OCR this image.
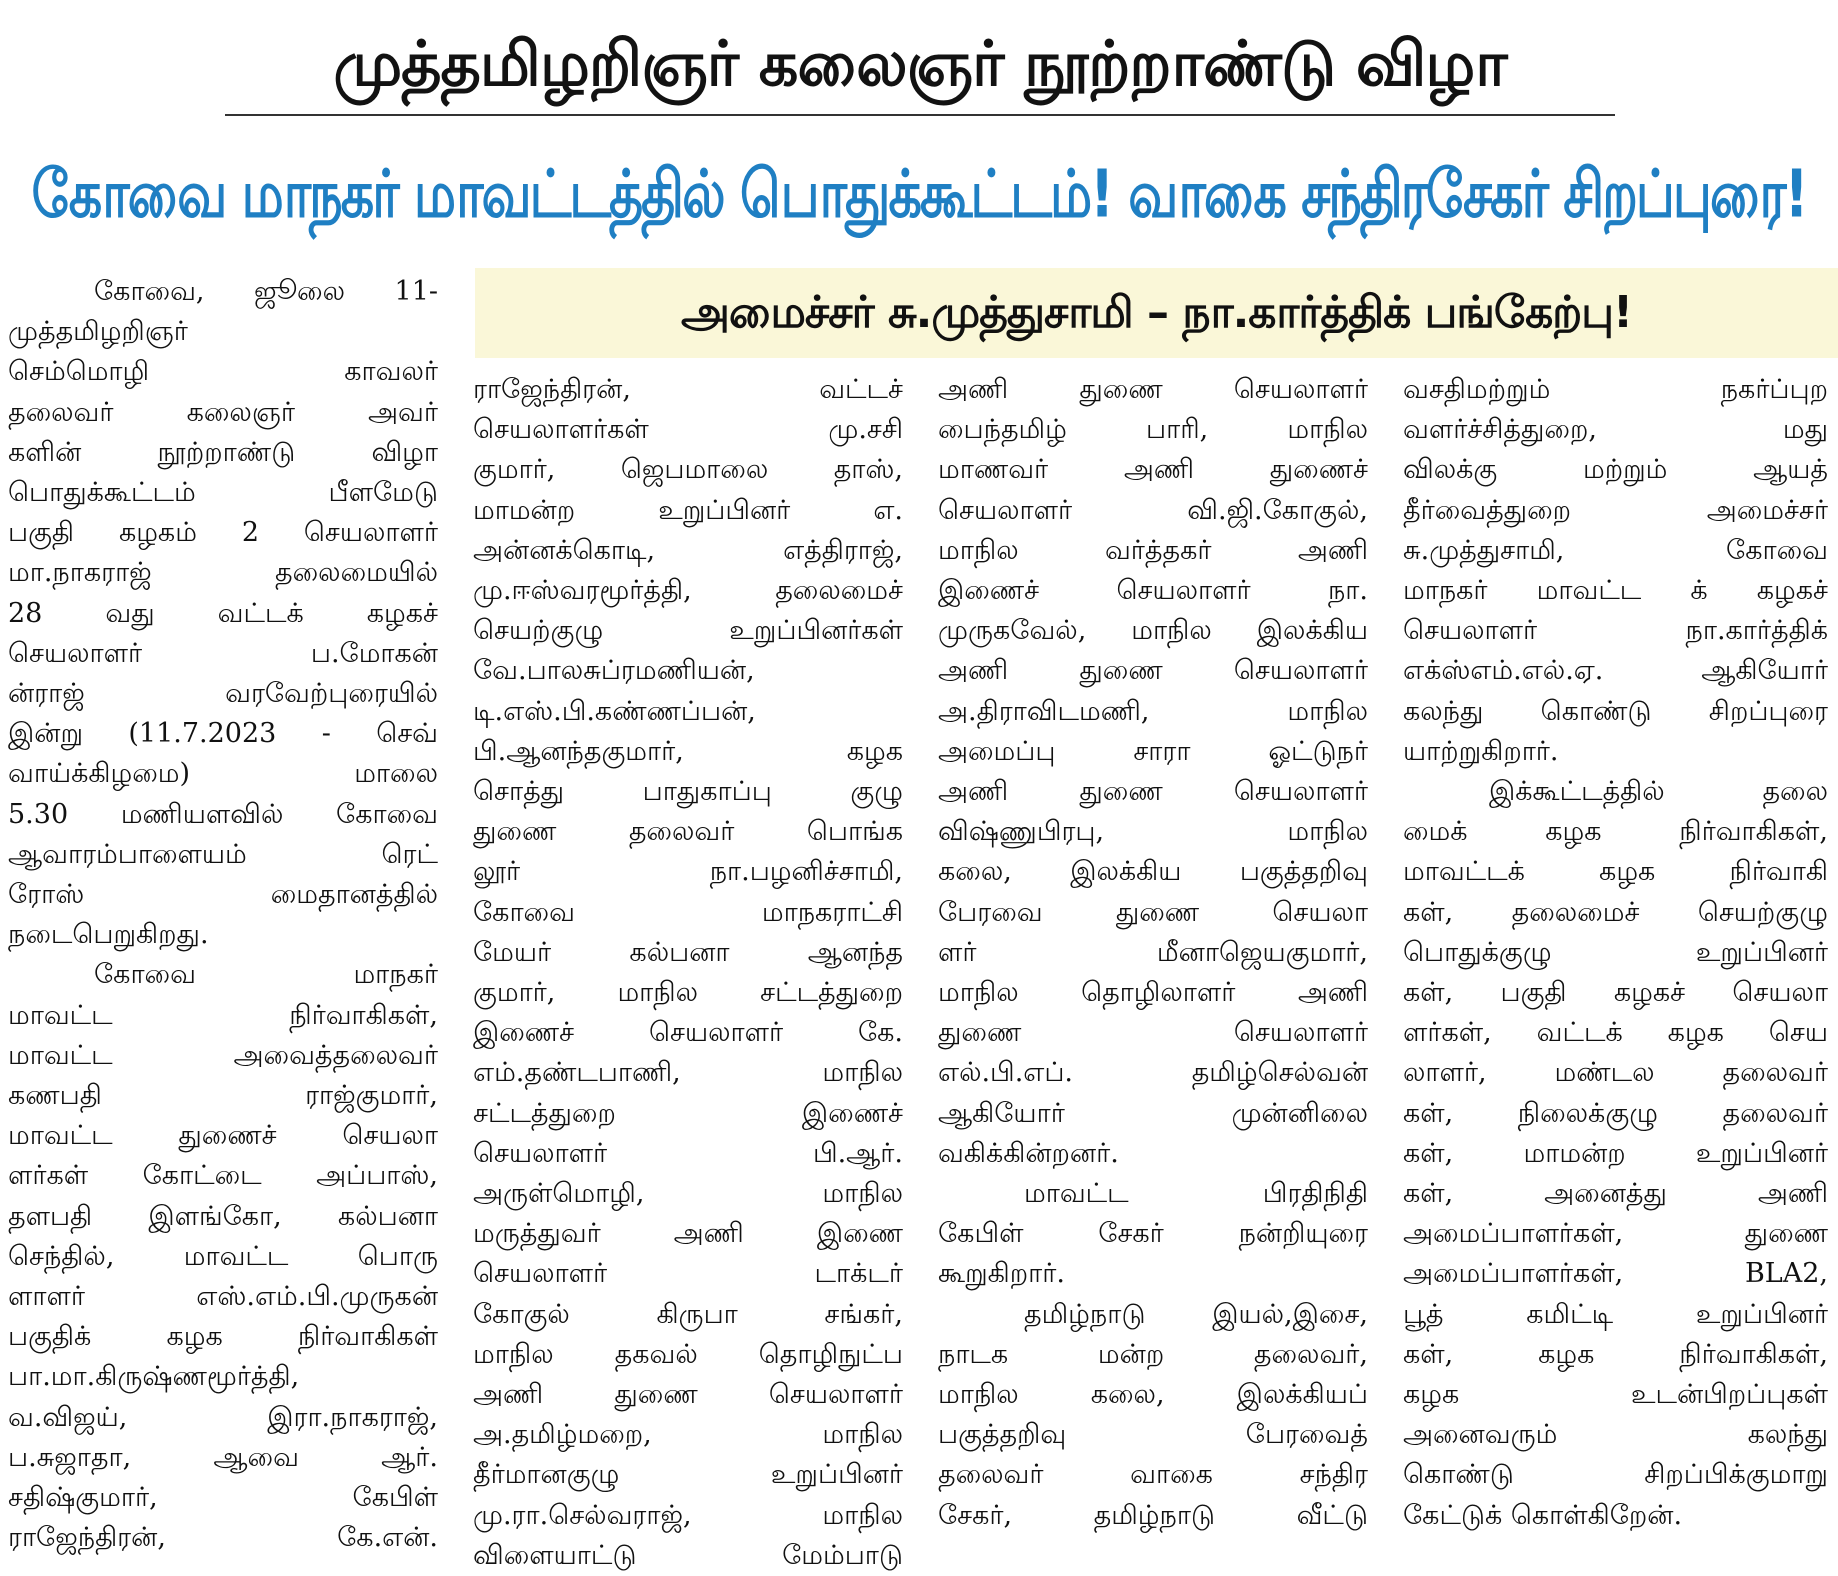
முத்தமிழறிஞர் கலைஞர் நூற்றாண்டு விழா
கோவை மாநகர் மாவட்டத்தில் பொதுக்கூட்டம்! வாகை சந்திரசேகர் சிறப்புரை!
அமைச்சர் சு.முத்துசாமி – நா.கார்த்திக் பங்கேற்பு!
கோவை, ஜூலை 11-
முத்தமிழறிஞர்
செம்மொழி காவலர்
தலைவர் கலைஞர் அவர்
களின் நூற்றாண்டு விழா
பொதுக்கூட்டம் பீளமேடு
பகுதி கழகம் 2 செயலாளர்
மா.நாகராஜ் தலைமையில்
28 வது வட்டக் கழகச்
செயலாளர் ப.மோகன்
ன்ராஜ் வரவேற்புரையில்
இன்று (11.7.2023 - செவ்
வாய்க்கிழமை) மாலை
5.30 மணியளவில் கோவை
ஆவாரம்பாளையம் ரெட்
ரோஸ் மைதானத்தில்
நடைபெறுகிறது.
கோவை மாநகர்
மாவட்ட நிர்வாகிகள்,
மாவட்ட அவைத்தலைவர்
கணபதி ராஜ்குமார்,
மாவட்ட துணைச் செயலா
ளர்கள் கோட்டை அப்பாஸ்,
தளபதி இளங்கோ, கல்பனா
செந்தில், மாவட்ட பொரு
ளாளர் எஸ்.எம்.பி.முருகன்
பகுதிக் கழக நிர்வாகிகள்
பா.மா.கிருஷ்ணமூர்த்தி,
வ.விஜய், இரா.நாகராஜ்,
ப.சுஜாதா, ஆவை ஆர்.
சதிஷ்குமார், கேபிள்
ராஜேந்திரன், கே.என்.
ராஜேந்திரன், வட்டச்
செயலாளர்கள் மு.சசி
குமார், ஜெபமாலை தாஸ்,
மாமன்ற உறுப்பினர் எ.
அன்னக்கொடி, எத்திராஜ்,
மு.ஈஸ்வரமூர்த்தி, தலைமைச்
செயற்குழு உறுப்பினர்கள்
வே.பாலசுப்ரமணியன்,
டி.எஸ்.பி.கண்ணப்பன்,
பி.ஆனந்தகுமார், கழக
சொத்து பாதுகாப்பு குழு
துணை தலைவர் பொங்க
லூர் நா.பழனிச்சாமி,
கோவை மாநகராட்சி
மேயர் கல்பனா ஆனந்த
குமார், மாநில சட்டத்துறை
இணைச் செயலாளர் கே.
எம்.தண்டபாணி, மாநில
சட்டத்துறை இணைச்
செயலாளர் பி.ஆர்.
அருள்மொழி, மாநில
மருத்துவர் அணி இணை
செயலாளர் டாக்டர்
கோகுல் கிருபா சங்கர்,
மாநில தகவல் தொழிநுட்ப
அணி துணை செயலாளர்
அ.தமிழ்மறை, மாநில
தீர்மானகுழு உறுப்பினர்
மு.ரா.செல்வராஜ், மாநில
விளையாட்டு மேம்பாடு
அணி துணை செயலாளர்
பைந்தமிழ் பாரி, மாநில
மாணவர் அணி துணைச்
செயலாளர் வி.ஜி.கோகுல்,
மாநில வர்த்தகர் அணி
இணைச் செயலாளர் நா.
முருகவேல், மாநில இலக்கிய
அணி துணை செயலாளர்
அ.திராவிடமணி, மாநில
அமைப்பு சாரா ஓட்டுநர்
அணி துணை செயலாளர்
விஷ்ணுபிரபு, மாநில
கலை, இலக்கிய பகுத்தறிவு
பேரவை துணை செயலா
ளர் மீனாஜெயகுமார்,
மாநில தொழிலாளர் அணி
துணை செயலாளர்
எல்.பி.எப். தமிழ்செல்வன்
ஆகியோர் முன்னிலை
வகிக்கின்றனர்.
மாவட்ட பிரதிநிதி
கேபிள் சேகர் நன்றியுரை
கூறுகிறார்.
தமிழ்நாடு இயல்,இசை,
நாடக மன்ற தலைவர்,
மாநில கலை, இலக்கியப்
பகுத்தறிவு பேரவைத்
தலைவர் வாகை சந்திர
சேகர், தமிழ்நாடு வீட்டு
வசதிமற்றும் நகர்ப்புற
வளர்ச்சித்துறை, மது
விலக்கு மற்றும் ஆயத்
தீர்வைத்துறை அமைச்சர்
சு.முத்துசாமி, கோவை
மாநகர் மாவட்ட க் கழகச்
செயலாளர் நா.கார்த்திக்
எக்ஸ்எம்.எல்.ஏ. ஆகியோர்
கலந்து கொண்டு சிறப்புரை
யாற்றுகிறார்.
இக்கூட்டத்தில் தலை
மைக் கழக நிர்வாகிகள்,
மாவட்டக் கழக நிர்வாகி
கள், தலைமைச் செயற்குழு
பொதுக்குழு உறுப்பினர்
கள், பகுதி கழகச் செயலா
ளர்கள், வட்டக் கழக செய
லாளர், மண்டல தலைவர்
கள், நிலைக்குழு தலைவர்
கள், மாமன்ற உறுப்பினர்
கள், அனைத்து அணி
அமைப்பாளர்கள், துணை
அமைப்பாளர்கள், BLA2,
பூத் கமிட்டி உறுப்பினர்
கள், கழக நிர்வாகிகள்,
கழக உடன்பிறப்புகள்
அனைவரும் கலந்து
கொண்டு சிறப்பிக்குமாறு
கேட்டுக் கொள்கிறேன்.
